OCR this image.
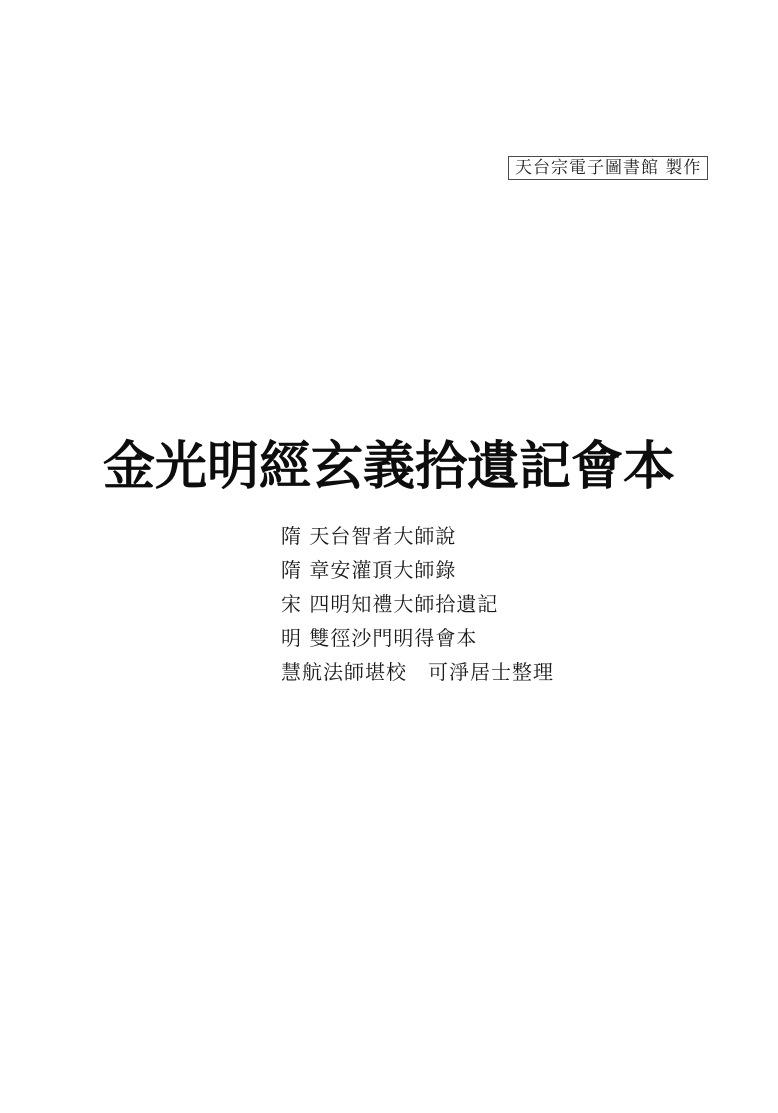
天台宗電子圖書館 製作
金光明經玄義拾遺記會本
隋 天台智者大師說
隋 章安灌頂大師錄
宋 四明知禮大師拾遺記
明 雙徑沙門明得會本
慧航法師堪校　可淨居士整理
